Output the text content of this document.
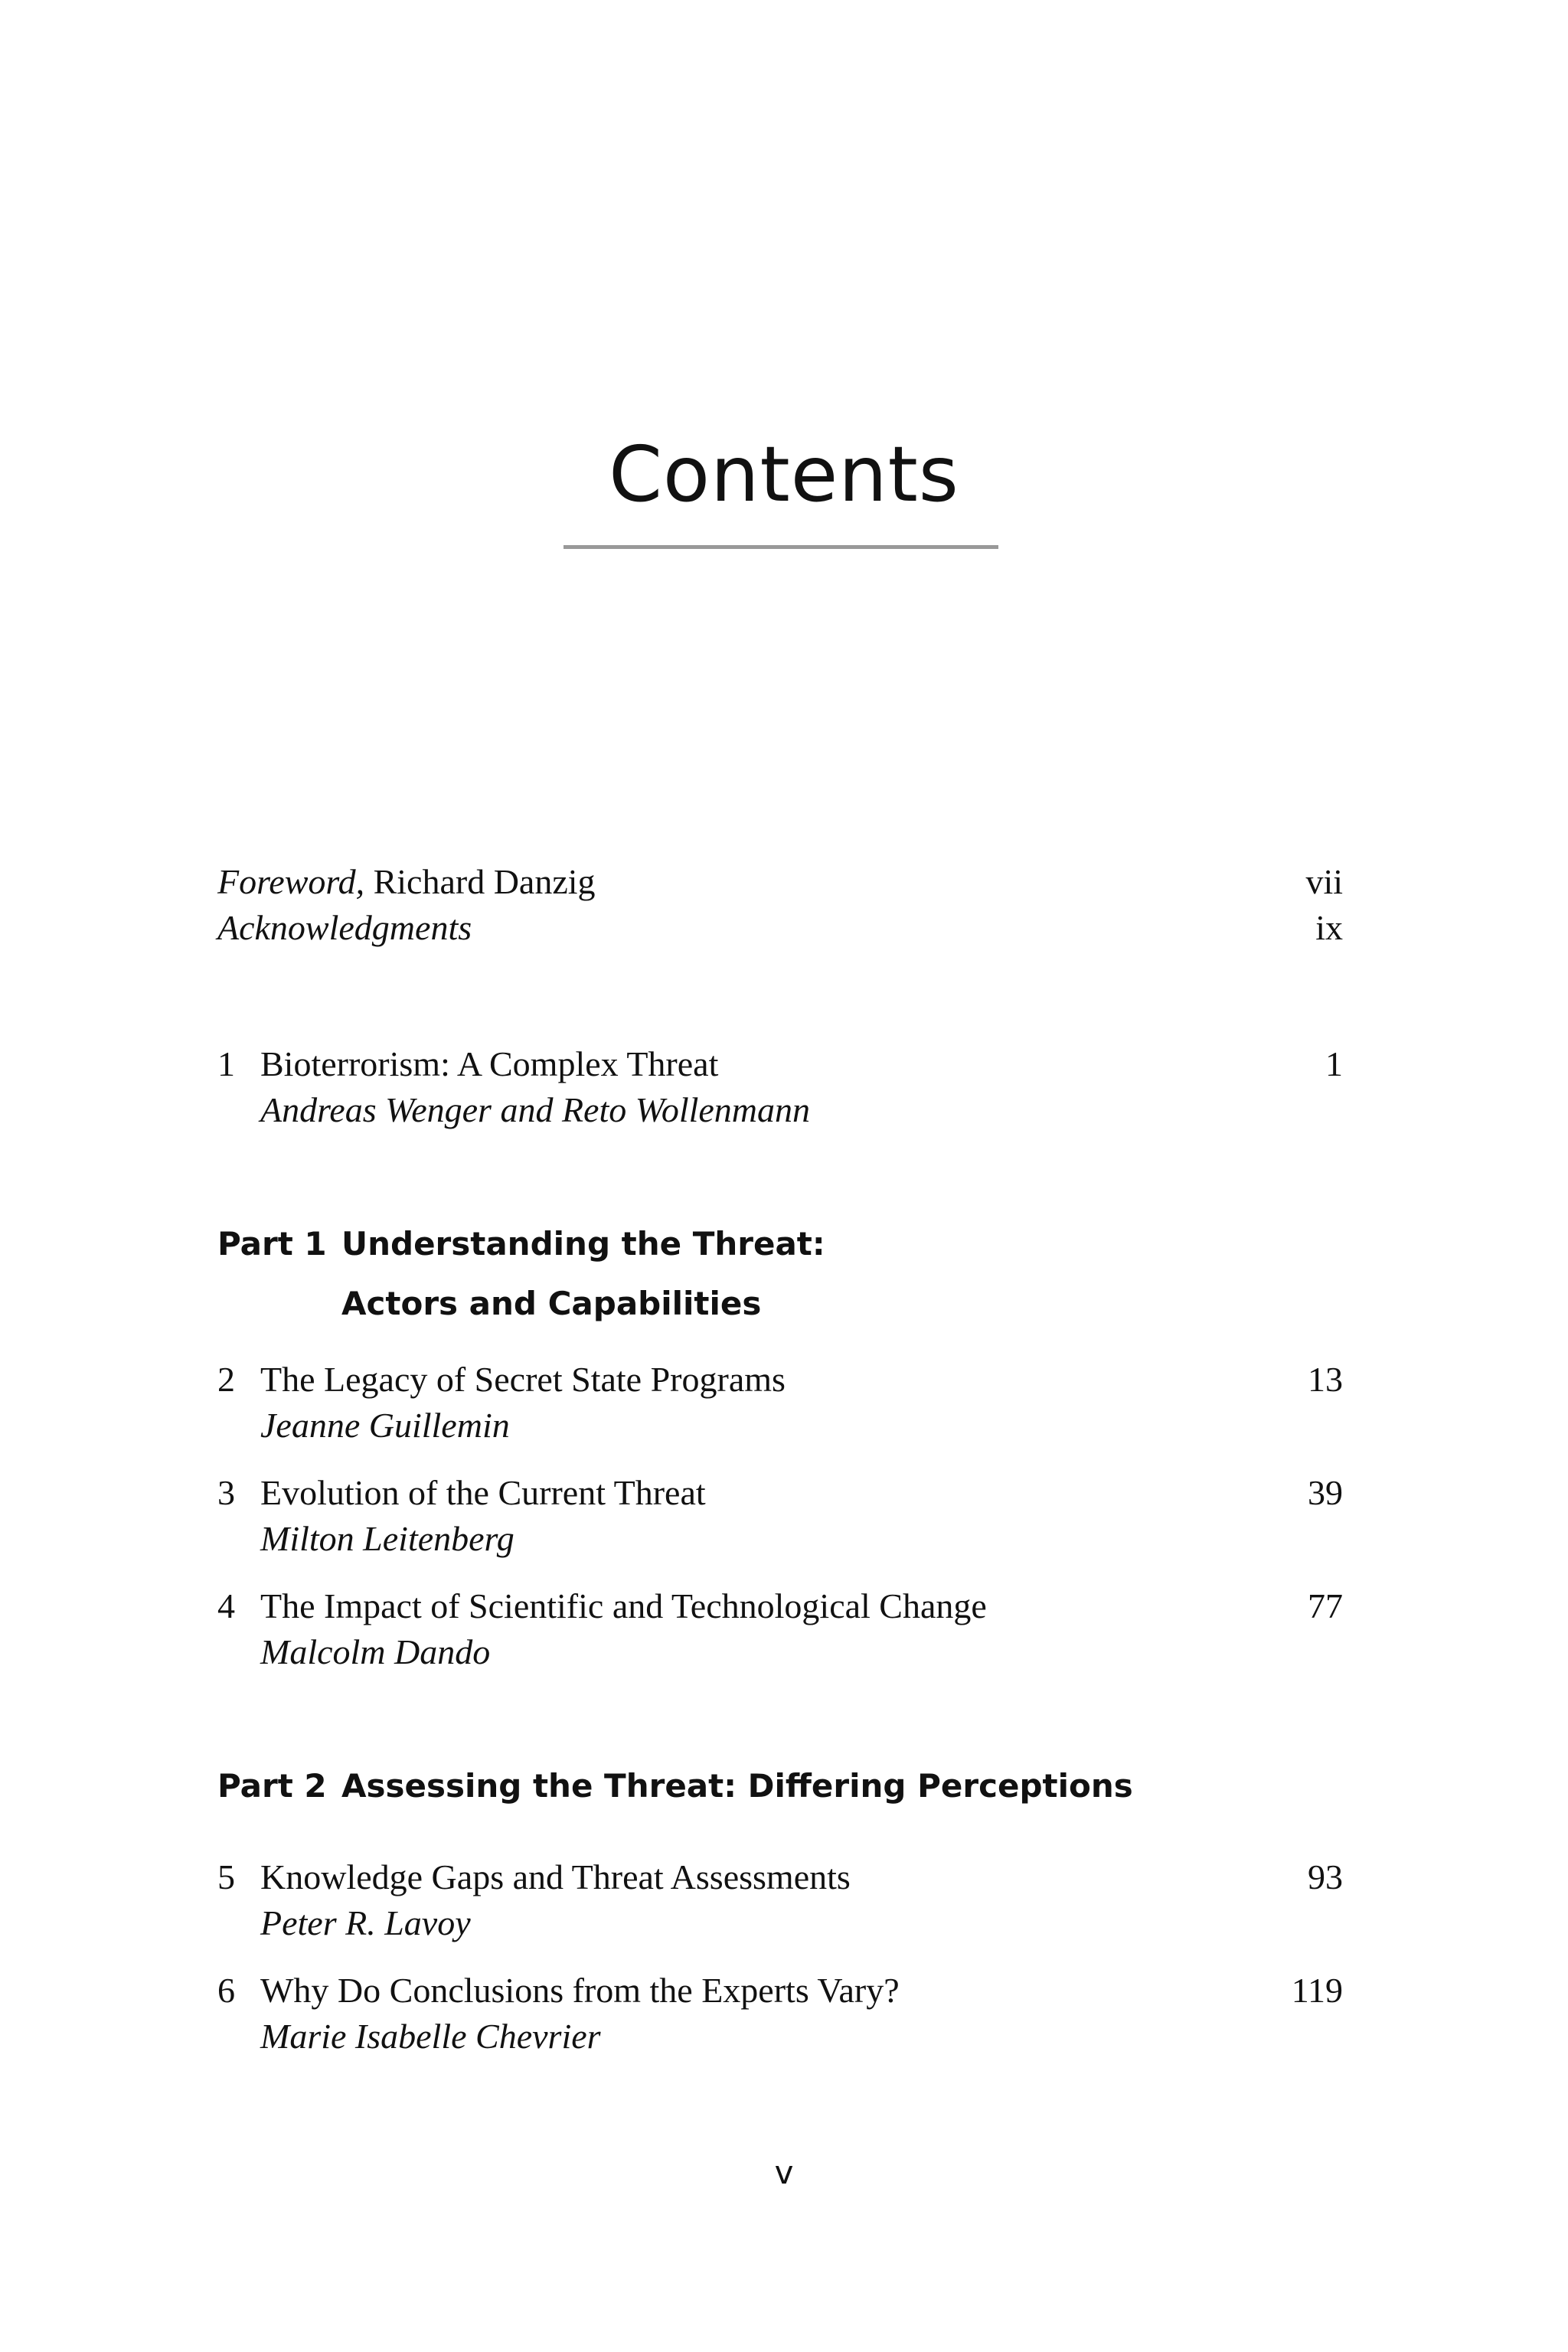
Contents
Foreword, Richard Danzig	vii
Acknowledgments	ix
1 Bioterrorism: A Complex Threat	1
Andreas Wenger and Reto Wollenmann
Part 1 Understanding the Threat:
Actors and Capabilities
2 The Legacy of Secret State Programs	13
Jeanne Guillemin
3 Evolution of the Current Threat	39
Milton Leitenberg
4 The Impact of Scientific and Technological Change	77
Malcolm Dando
Part 2 Assessing the Threat: Differing Perceptions
5 Knowledge Gaps and Threat Assessments	93
Peter R. Lavoy
6 Why Do Conclusions from the Experts Vary?	119
Marie Isabelle Chevrier
v
